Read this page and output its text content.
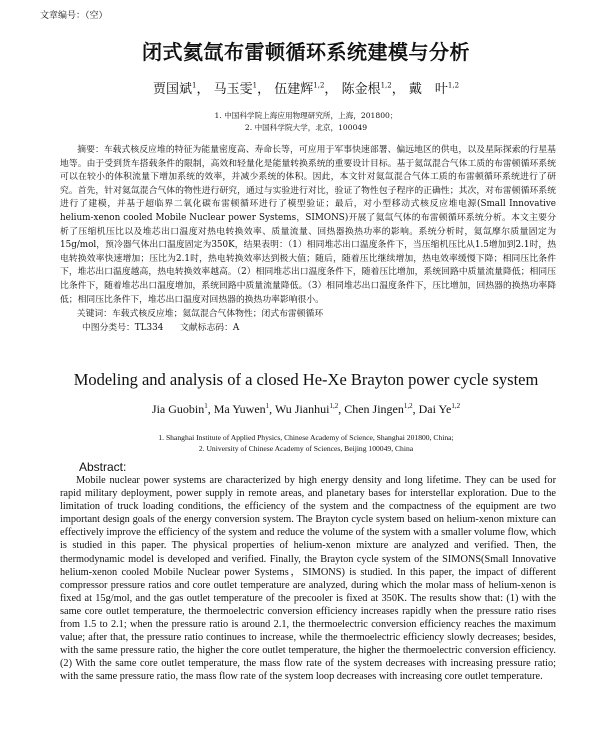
文章编号：（空）
闭式氦氙布雷顿循环系统建模与分析
贾国斌$^1$， 马玉雯$^1$， 伍建辉$^{1,2}$， 陈金根$^{1,2}$， 戴　叶$^{1,2}$
1. 中国科学院上海应用物理研究所，上海，201800；
2. 中国科学院大学，北京，100049
摘要：车载式核反应堆的特征为能量密度高、寿命长等，可应用于军事快速部署、偏远地区的供电，以及星际探索的行星基地等。由于受到货车搭载条件的限制，高效和轻量化是能量转换系统的重要设计目标。基于氦氙混合气体工质的布雷顿循环系统可以在较小的体积流量下增加系统的效率，并减少系统的体积。因此，本文针对氦氙混合气体工质的布雷顿循环系统进行了研究。首先，针对氦氙混合气体的物性进行研究，通过与实验进行对比，验证了物性包子程序的正确性；其次，对布雷顿循环系统进行了建模，并基于超临界二氧化碳布雷顿循环进行了模型验证；最后，对小型移动式核反应堆电源(Small Innovative helium-xenon cooled Mobile Nuclear power Systems，SIMONS)开展了氦氙气体的布雷顿循环系统分析。本文主要分析了压缩机压比以及堆芯出口温度对热电转换效率、质量流量、回热器换热功率的影响。系统分析时，氦氙摩尔质量固定为15g/mol，预冷器气体出口温度固定为350K，结果表明：（1）相同堆芯出口温度条件下，当压缩机压比从1.5增加到2.1时，热电转换效率快速增加；压比为2.1时，热电转换效率达到极大值；随后，随着压比继续增加，热电效率缓慢下降；相同压比条件下，堆芯出口温度越高，热电转换效率越高。（2）相同堆芯出口温度条件下，随着压比增加，系统回路中质量流量降低；相同压比条件下，随着堆芯出口温度增加，系统回路中质量流量降低。（3）相同堆芯出口温度条件下，压比增加，回热器的换热功率降低；相同压比条件下，堆芯出口温度对回热器的换热功率影响很小。
关键词：车载式核反应堆；氦氙混合气体物性；闭式布雷顿循环
中图分类号：TL334 文献标志码：A
Modeling and analysis of a closed He-Xe Brayton power cycle system
Jia Guobin$^1$, Ma Yuwen$^1$, Wu Jianhui$^{1,2}$, Chen Jingen$^{1,2}$, Dai Ye$^{1,2}$
1. Shanghai Institute of Applied Physics, Chinese Academy of Science, Shanghai 201800, China;
2. University of Chinese Academy of Sciences, Beijing 100049, China
Abstract:
Mobile nuclear power systems are characterized by high energy density and long lifetime. They can be used for rapid military deployment, power supply in remote areas, and planetary bases for interstellar exploration. Due to the limitation of truck loading conditions, the efficiency of the system and the compactness of the equipment are two important design goals of the energy conversion system. The Brayton cycle system based on helium-xenon mixture can effectively improve the efficiency of the system and reduce the volume of the system with a smaller volume flow, which is studied in this paper. The physical properties of helium-xenon mixture are analyzed and verified. Then, the thermodynamic model is developed and verified. Finally, the Brayton cycle system of the SIMONS(Small Innovative helium-xenon cooled Mobile Nuclear power Systems，SIMONS) is studied. In this paper, the impact of different compressor pressure ratios and core outlet temperature are analyzed, during which the molar mass of helium-xenon is fixed at 15g/mol, and the gas outlet temperature of the precooler is fixed at 350K. The results show that: (1) with the same core outlet temperature, the thermoelectric conversion efficiency increases rapidly when the pressure ratio rises from 1.5 to 2.1; when the pressure ratio is around 2.1, the thermoelectric conversion efficiency reaches the maximum value; after that, the pressure ratio continues to increase, while the thermoelectric efficiency slowly decreases; besides, with the same pressure ratio, the higher the core outlet temperature, the higher the thermoelectric conversion efficiency. (2) With the same core outlet temperature, the mass flow rate of the system decreases with increasing pressure ratio; with the same pressure ratio, the mass flow rate of the system loop decreases with increasing core outlet temperature.
